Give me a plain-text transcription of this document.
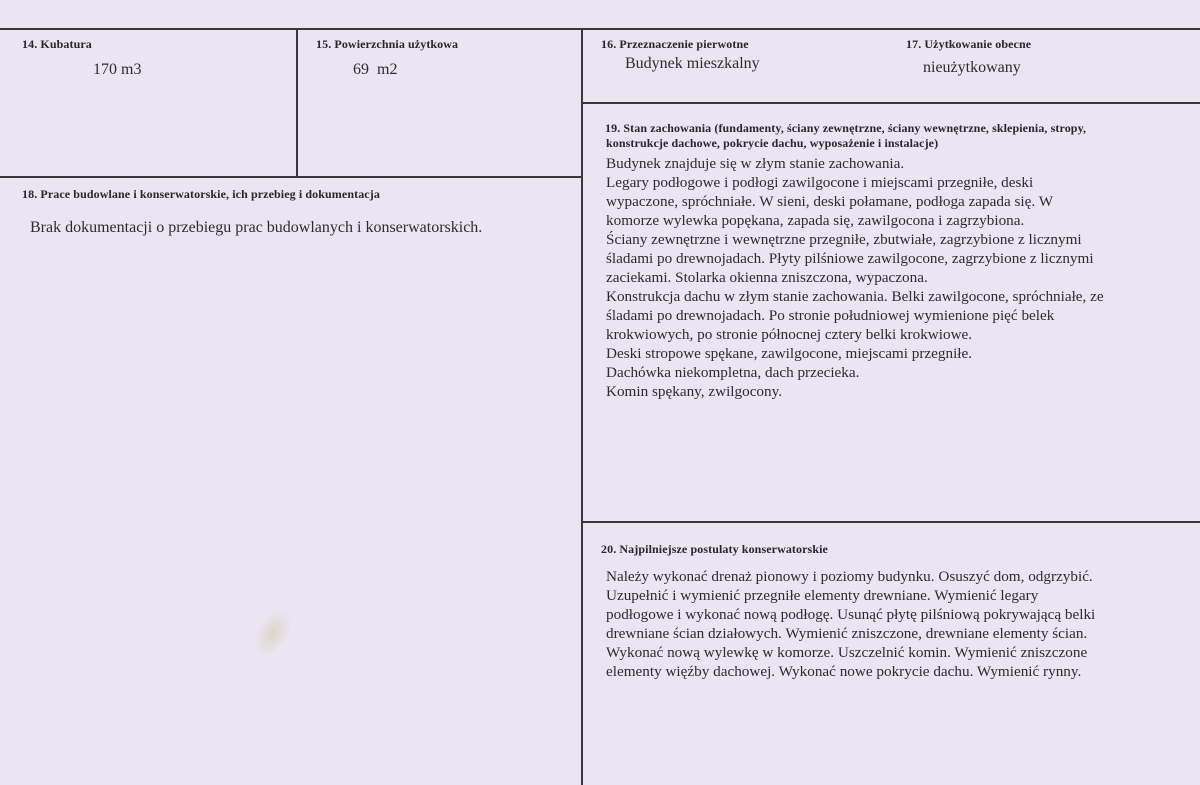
14. Kubatura
170 m3
15. Powierzchnia użytkowa
69  m2
16. Przeznaczenie pierwotne
Budynek mieszkalny
17. Użytkowanie obecne
nieużytkowany
18. Prace budowlane i konserwatorskie, ich przebieg i dokumentacja
Brak dokumentacji o przebiegu prac budowlanych i konserwatorskich.
19. Stan zachowania (fundamenty, ściany zewnętrzne, ściany wewnętrzne, sklepienia, stropy,
konstrukcje dachowe, pokrycie dachu, wyposażenie i instalacje)
Budynek znajduje się w złym stanie zachowania.
Legary podłogowe i podłogi zawilgocone i miejscami przegniłe, deski
wypaczone, spróchniałe. W sieni, deski połamane, podłoga zapada się. W
komorze wylewka popękana, zapada się, zawilgocona i zagrzybiona.
Ściany zewnętrzne i wewnętrzne przegniłe, zbutwiałe, zagrzybione z licznymi
śladami po drewnojadach. Płyty pilśniowe zawilgocone, zagrzybione z licznymi
zaciekami. Stolarka okienna zniszczona, wypaczona.
Konstrukcja dachu w złym stanie zachowania. Belki zawilgocone, spróchniałe, ze
śladami po drewnojadach. Po stronie południowej wymienione pięć belek
krokwiowych, po stronie północnej cztery belki krokwiowe.
Deski stropowe spękane, zawilgocone, miejscami przegniłe.
Dachówka niekompletna, dach przecieka.
Komin spękany, zwilgocony.
20. Najpilniejsze postulaty konserwatorskie
Należy wykonać drenaż pionowy i poziomy budynku. Osuszyć dom, odgrzybić.
Uzupełnić i wymienić przegniłe elementy drewniane. Wymienić legary
podłogowe i wykonać nową podłogę. Usunąć płytę pilśniową pokrywającą belki
drewniane ścian działowych. Wymienić zniszczone, drewniane elementy ścian.
Wykonać nową wylewkę w komorze. Uszczelnić komin. Wymienić zniszczone
elementy więźby dachowej. Wykonać nowe pokrycie dachu. Wymienić rynny.
